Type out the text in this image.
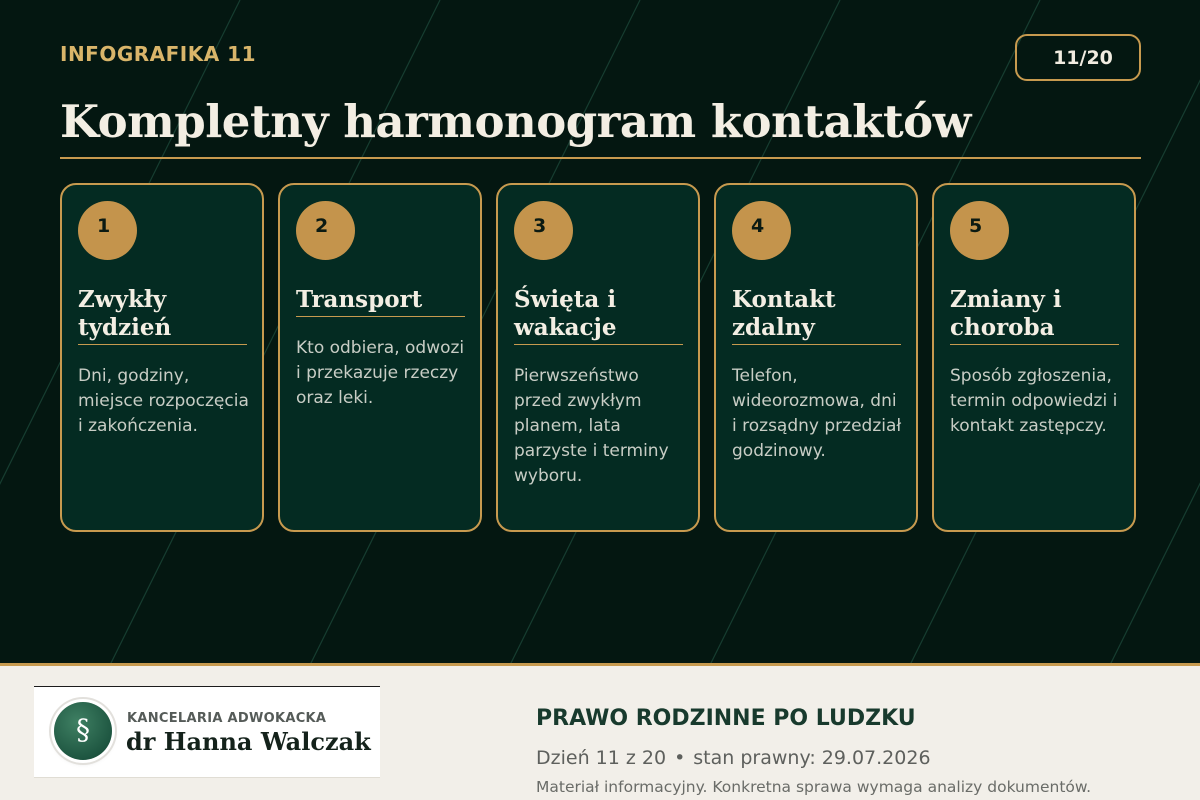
INFOGRAFIKA 11	11/20
Kompletny harmonogram kontaktów
1
Zwykły tydzień
Dni, godziny, miejsce rozpoczęcia i zakończenia.
2
Transport
Kto odbiera, odwozi i przekazuje rzeczy oraz leki.
3
Święta i wakacje
Pierwszeństwo przed zwykłym planem, lata parzyste i terminy wyboru.
4
Kontakt zdalny
Telefon, wideorozmowa, dni i rozsądny przedział godzinowy.
5
Zmiany i choroba
Sposób zgłoszenia, termin odpowiedzi i kontakt zastępczy.
§	KANCELARIA ADWOKACKA
dr Hanna Walczak
PRAWO RODZINNE PO LUDZKU
Dzień 11 z 20 • stan prawny: 29.07.2026
Materiał informacyjny. Konkretna sprawa wymaga analizy dokumentów.
